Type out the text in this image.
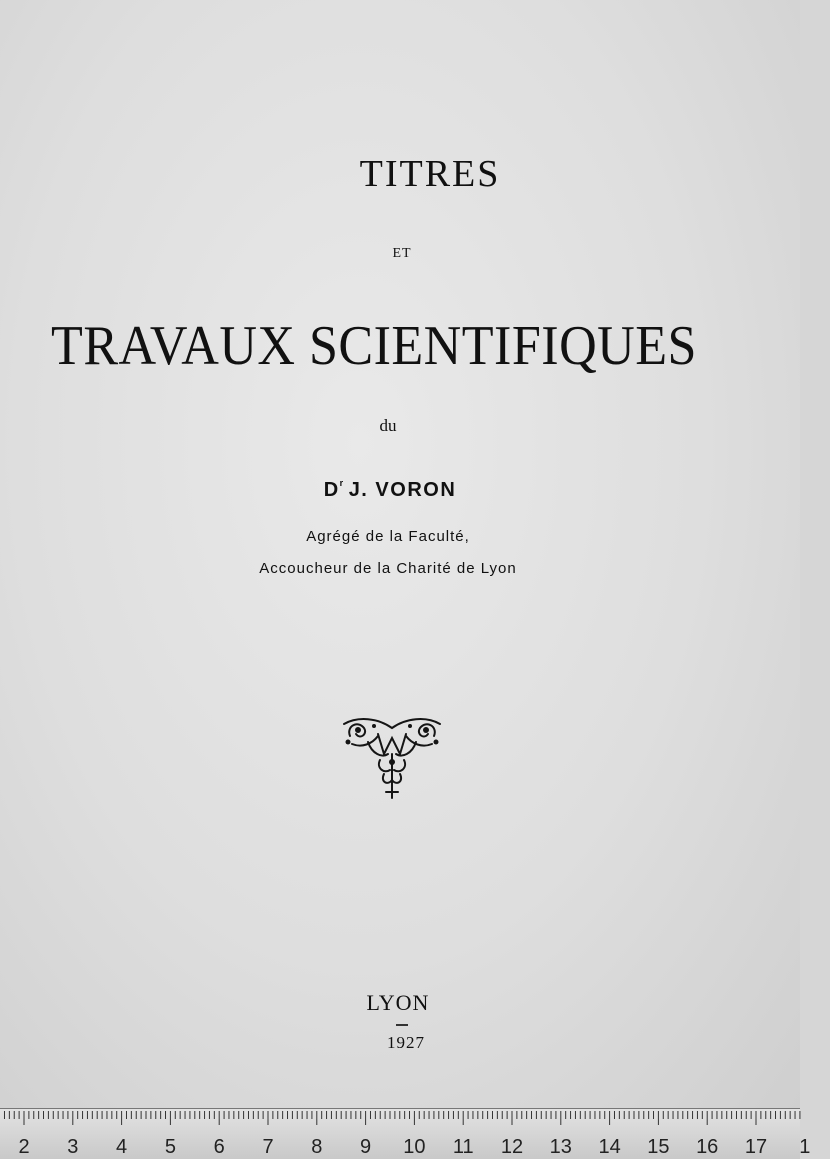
TITRES
ET
TRAVAUX SCIENTIFIQUES
du
$D^r$ J. VORON
Agrégé de la Faculté,
Accoucheur de la Charité de Lyon
LYON
1927
2 3 4 5 6 7 8 9 10 11 12 13 14 15 16 17 1
